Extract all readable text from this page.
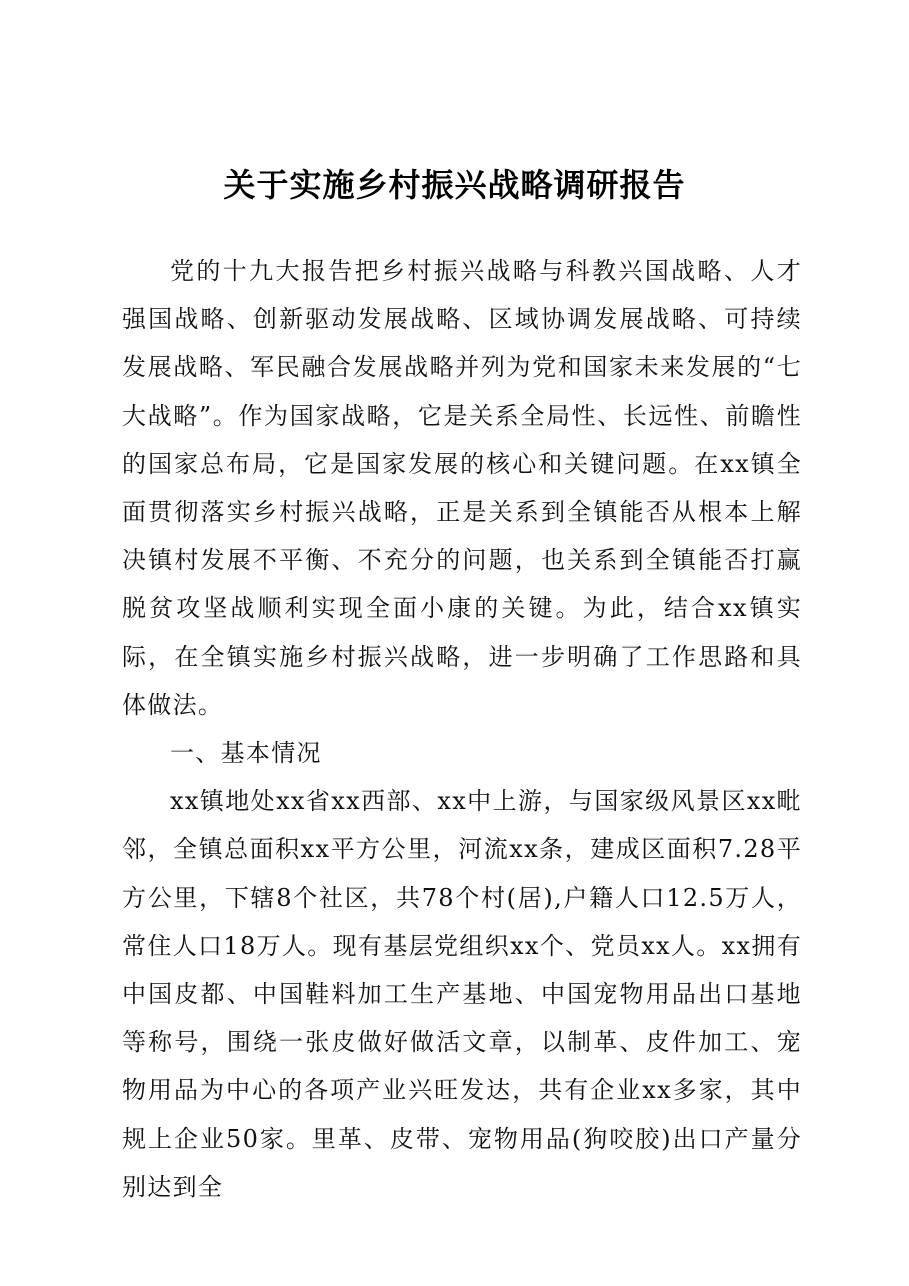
关于实施乡村振兴战略调研报告

党的十九大报告把乡村振兴战略与科教兴国战略、人才强国战略、创新驱动发展战略、区域协调发展战略、可持续发展战略、军民融合发展战略并列为党和国家未来发展的“七大战略”。作为国家战略，它是关系全局性、长远性、前瞻性的国家总布局，它是国家发展的核心和关键问题。在xx镇全面贯彻落实乡村振兴战略，正是关系到全镇能否从根本上解决镇村发展不平衡、不充分的问题，也关系到全镇能否打赢脱贫攻坚战顺利实现全面小康的关键。为此，结合xx镇实际，在全镇实施乡村振兴战略，进一步明确了工作思路和具体做法。

一、基本情况

xx镇地处xx省xx西部、xx中上游，与国家级风景区xx毗邻，全镇总面积xx平方公里，河流xx条，建成区面积7.28平方公里，下辖8个社区，共78个村(居),户籍人口12.5万人，常住人口18万人。现有基层党组织xx个、党员xx人。xx拥有中国皮都、中国鞋料加工生产基地、中国宠物用品出口基地等称号，围绕一张皮做好做活文章，以制革、皮件加工、宠物用品为中心的各项产业兴旺发达，共有企业xx多家，其中规上企业50家。里革、皮带、宠物用品(狗咬胶)出口产量分别达到全
